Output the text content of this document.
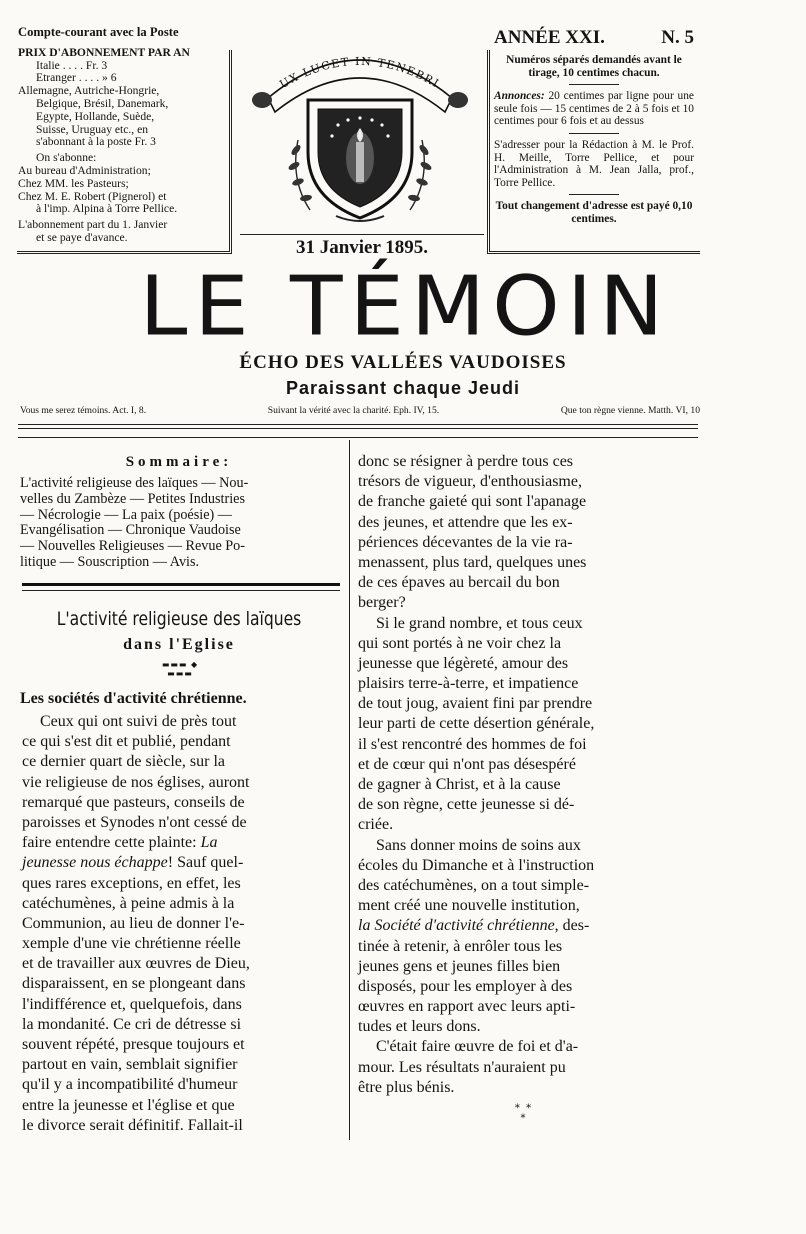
Compte-courant avec la Poste
PRIX D'ABONNEMENT PAR AN
Italie . . . . Fr. 3
Etranger . . . . » 6
Allemagne, Autriche-Hongrie,
Belgique, Brésil, Danemark,
Egypte, Hollande, Suède,
Suisse, Uruguay etc., en
s'abonnant à la poste Fr. 3
On s'abonne:
Au bureau d'Administration;
Chez MM. les Pasteurs;
Chez M. E. Robert (Pignerol) et
à l'imp. Alpina à Torre Pellice.
L'abonnement part du 1. Janvier
et se paye d'avance.
UX LUCET IN TENEBRI
ANNÉE XXI.	N. 5
Numéros séparés demandés avant le tirage, 10 centimes chacun.
Annonces: 20 centimes par ligne pour une seule fois — 15 centimes de 2 à 5 fois et 10 centimes pour 6 fois et au dessus
S'adresser pour la Rédaction à M. le Prof. H. Meille, Torre Pellice, et pour l'Administration à M. Jean Jalla, prof., Torre Pellice.
Tout changement d'adresse est payé 0,10 centimes.
31 Janvier 1895.
LE TÉMOIN
ÉCHO DES VALLÉES VAUDOISES
Paraissant chaque Jeudi
Vous me serez témoins. Act. I, 8.	Suivant la vérité avec la charité. Eph. IV, 15.	Que ton règne vienne. Matth. VI, 10
Sommaire:
L'activité religieuse des laïques — Nou-
velles du Zambèze — Petites Industries
— Nécrologie — La paix (poésie) —
Evangélisation — Chronique Vaudoise
— Nouvelles Religieuses — Revue Po-
litique — Souscription — Avis.
L'activité religieuse des laïques
dans l'Eglise
▬▬▬ ◆ ▬▬▬
Les sociétés d'activité chrétienne.
Ceux qui ont suivi de près tout
ce qui s'est dit et publié, pendant
ce dernier quart de siècle, sur la
vie religieuse de nos églises, auront
remarqué que pasteurs, conseils de
paroisses et Synodes n'ont cessé de
faire entendre cette plainte: La
jeunesse nous échappe! Sauf quel-
ques rares exceptions, en effet, les
catéchumènes, à peine admis à la
Communion, au lieu de donner l'e-
xemple d'une vie chrétienne réelle
et de travailler aux œuvres de Dieu,
disparaissent, en se plongeant dans
l'indifférence et, quelquefois, dans
la mondanité. Ce cri de détresse si
souvent répété, presque toujours et
partout en vain, semblait signifier
qu'il y a incompatibilité d'humeur
entre la jeunesse et l'église et que
le divorce serait définitif. Fallait-il
donc se résigner à perdre tous ces
trésors de vigueur, d'enthousiasme,
de franche gaieté qui sont l'apanage
des jeunes, et attendre que les ex-
périences décevantes de la vie ra-
menassent, plus tard, quelques unes
de ces épaves au bercail du bon
berger?
Si le grand nombre, et tous ceux
qui sont portés à ne voir chez la
jeunesse que légèreté, amour des
plaisirs terre-à-terre, et impatience
de tout joug, avaient fini par prendre
leur parti de cette désertion générale,
il s'est rencontré des hommes de foi
et de cœur qui n'ont pas désespéré
de gagner à Christ, et à la cause
de son règne, cette jeunesse si dé-
criée.
Sans donner moins de soins aux
écoles du Dimanche et à l'instruction
des catéchumènes, on a tout simple-
ment créé une nouvelle institution,
la Société d'activité chrétienne, des-
tinée à retenir, à enrôler tous les
jeunes gens et jeunes filles bien
disposés, pour les employer à des
œuvres en rapport avec leurs apti-
tudes et leurs dons.
C'était faire œuvre de foi et d'a-
mour. Les résultats n'auraient pu
être plus bénis.
*  *
*
